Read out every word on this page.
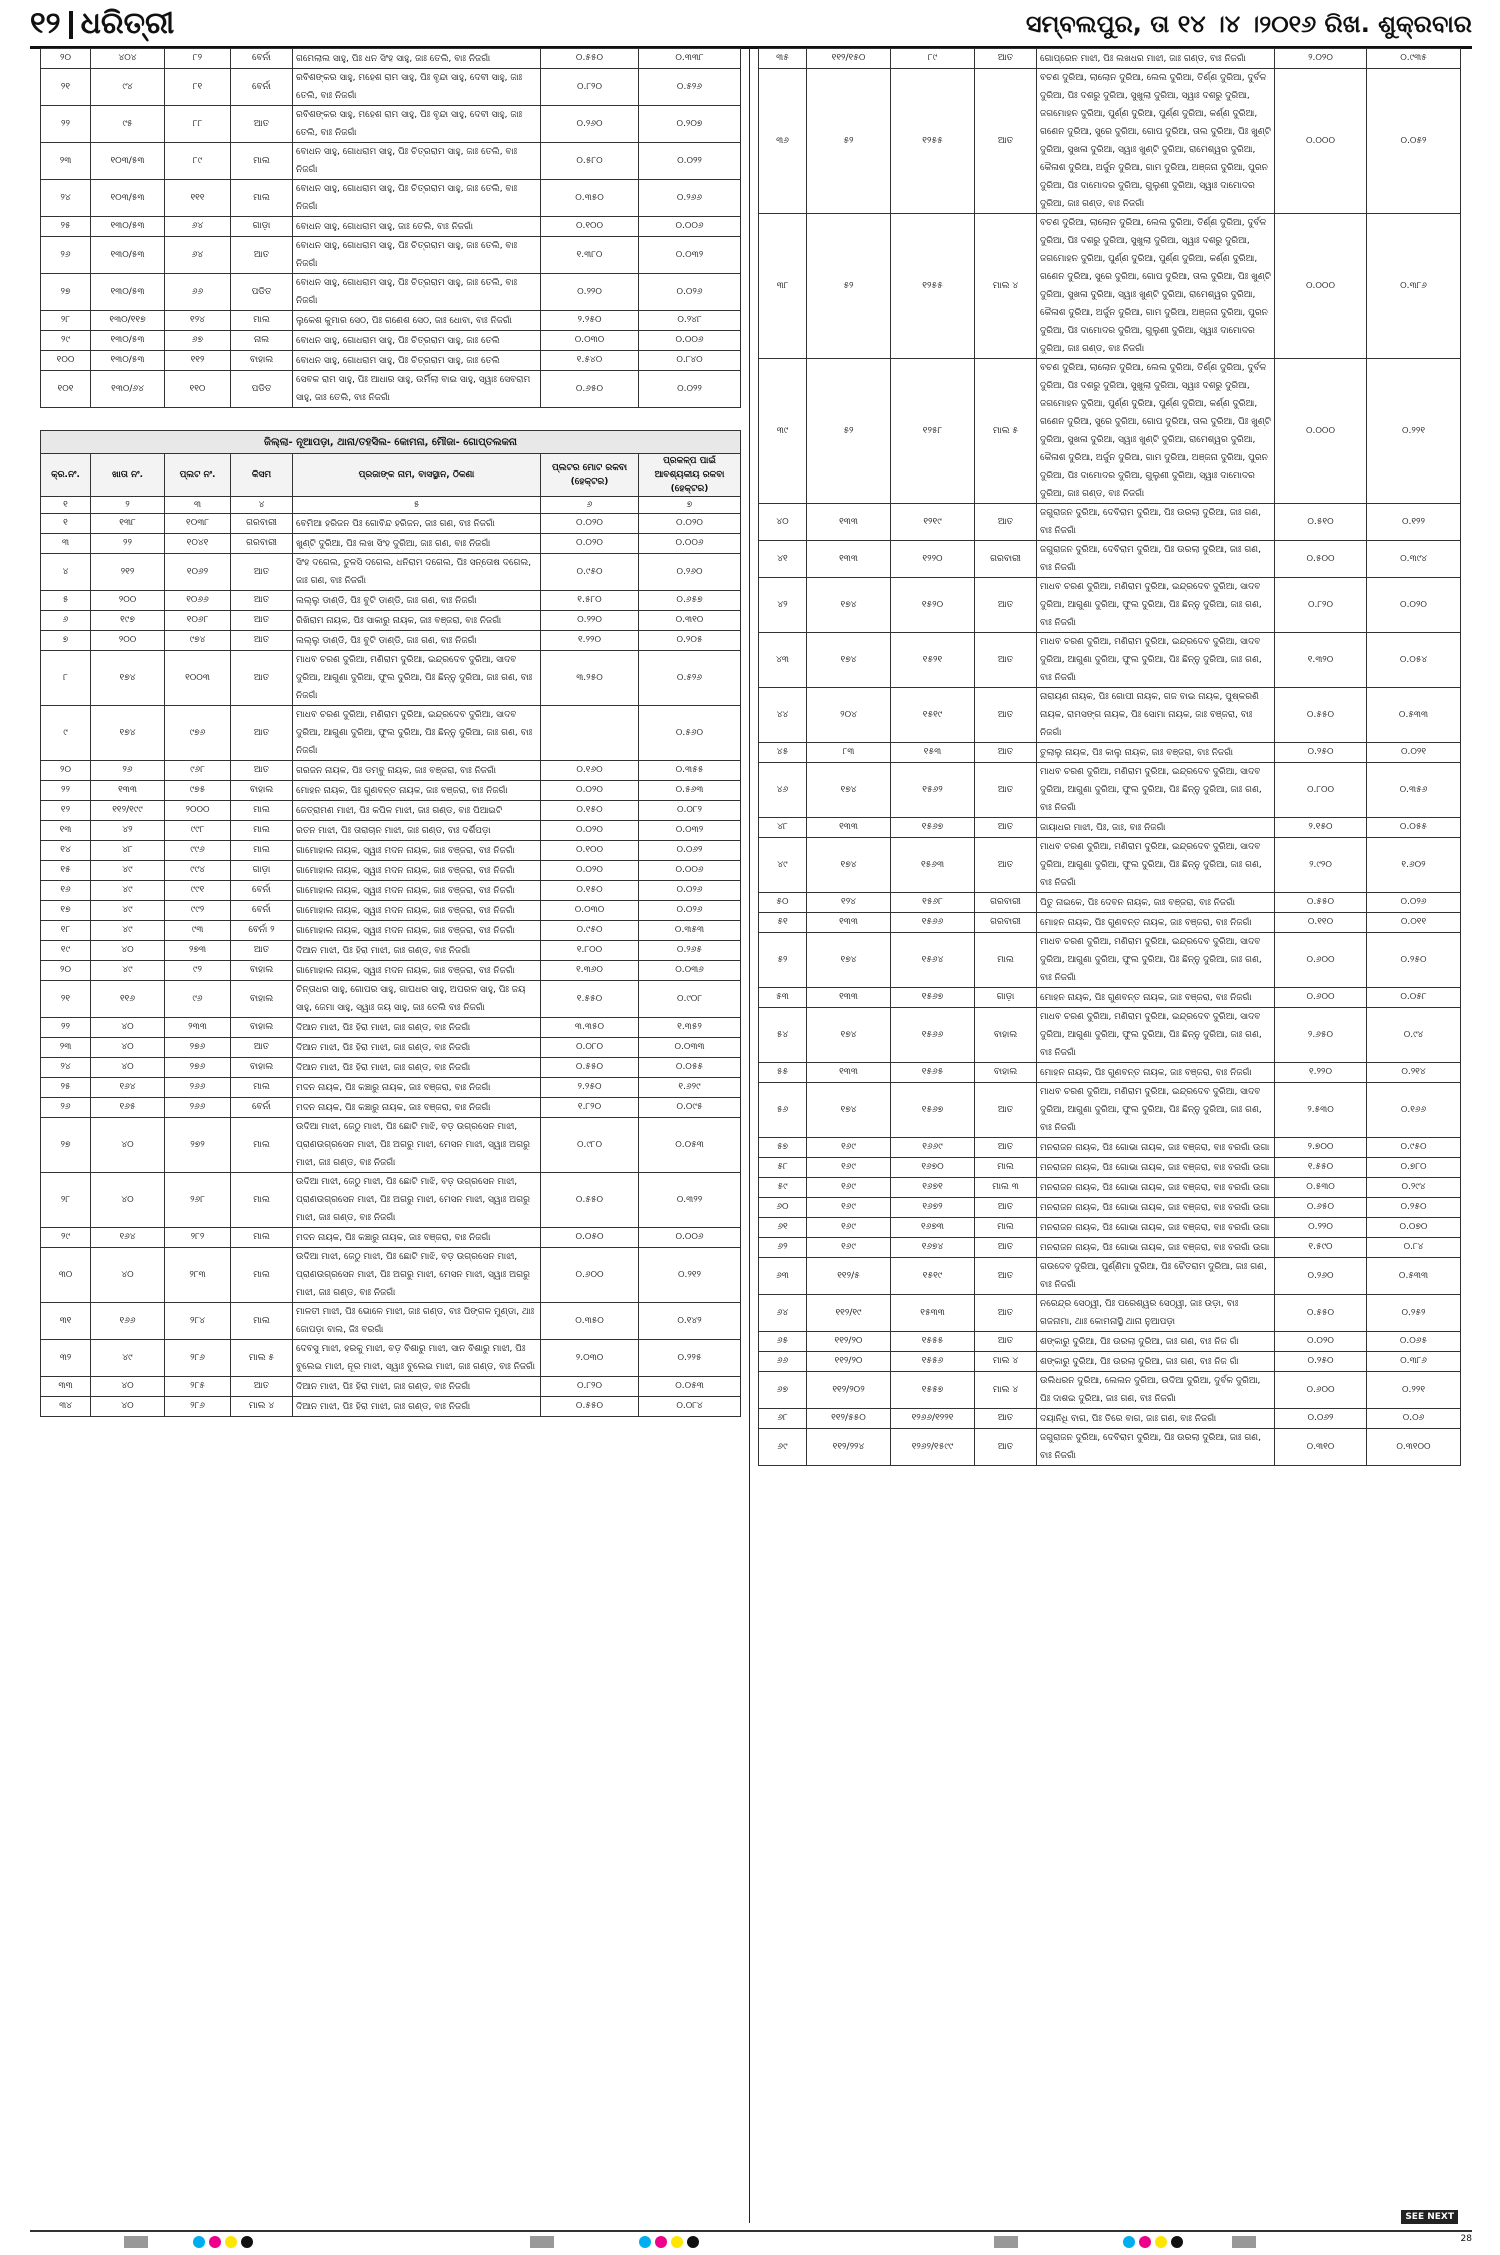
୧୨ ଧରିତ୍ରୀ	ସମ୍ବଲପୁର, ତା ୧୪ ।୪ ।୨୦୧୬ ରିଖ. ଶୁକ୍ରବାର
୨୦	୪୦୪	୮୨	ବେର୍ନା	ଗମେଲାଲ ସାହୁ, ପିଃ ଧନ ସିଂହ ସାହୁ, ଜାଃ ତେଲି, ବାଃ ନିଜଗାଁ	୦.୫୫୦	୦.୩୩୮
୨୧	୯୪	୮୧	ବେର୍ନା	ରବିଶଙ୍କର ସାହୁ, ମହେଶ ରାମ ସାହୁ, ପିଃ ବୃନ୍ଦା ସାହୁ, ଦେବୀ ସାହୁ, ଜାଃ ତେଲି, ବାଃ ନିଜଗାଁ	୦.୮୨୦	୦.୫୨୬
୨୨	୯୫	୮୮	ଆତ	ରବିଶଙ୍କର ସାହୁ, ମହେଶ ରାମ ସାହୁ, ପିଃ ବୃନ୍ଦା ସାହୁ, ଦେବୀ ସାହୁ, ଜାଃ ତେଲି, ବାଃ ନିଜଗାଁ	୦.୨୬୦	୦.୨୦୭
୨୩	୧୦୩/୫୩	୮୯	ମାଲ	ବୋଧନ ସାହୁ, ଗୋଧରାମ ସାହୁ, ପିଃ ଚିତ୍ରରାମ ସାହୁ, ଜାଃ ତେଲି, ବାଃ ନିଜଗାଁ	୦.୫୮୦	୦.୦୨୨
୨୪	୧୦୩/୫୩	୧୧୧	ମାଲ	ବୋଧନ ସାହୁ, ଗୋଧରାମ ସାହୁ, ପିଃ ଚିତ୍ରରାମ ସାହୁ, ଜାଃ ତେଲି, ବାଃ ନିଜଗାଁ	୦.୩୫୦	୦.୨୬୬
୨୫	୧୩୦/୫୩	୬୪	ଗାଡ଼ା	ବୋଧନ ସାହୁ, ଗୋଧରାମ ସାହୁ, ଜାଃ ତେଲି, ବାଃ ନିଜଗାଁ	୦.୧୦୦	୦.୦୦୬
୨୬	୧୩୦/୫୩	୬୪	ଆତ	ବୋଧନ ସାହୁ, ଗୋଧରାମ ସାହୁ, ପିଃ ଚିତ୍ରରାମ ସାହୁ, ଜାଃ ତେଲି, ବାଃ ନିଜଗାଁ	୧.୩୮୦	୦.୦୩୨
୨୭	୧୩୦/୫୩	୬୬	ପଡିତ	ବୋଧନ ସାହୁ, ଗୋଧରାମ ସାହୁ, ପିଃ ଚିତ୍ରରାମ ସାହୁ, ଜାଃ ତେଲି, ବାଃ ନିଜଗାଁ	୦.୨୨୦	୦.୦୨୬
୨୮	୧୩୦/୧୧୭	୧୨୪	ମାଲ	ଲୁକେଶ କୁମାର ସେଠ, ପିଃ ଗଣେଶ ସେଠ, ଜାଃ ଧୋବା, ବାଃ ନିଜଗାଁ	୨.୨୫୦	୦.୨୪୮
୨୯	୧୩୦/୫୩	୬୭	ନାଲ	ବୋଧନ ସାହୁ, ଗୋଧରାମ ସାହୁ, ପିଃ ଚିତ୍ରରାମ ସାହୁ, ଜାଃ ତେଲି	୦.୦୩୦	୦.୦୦୬
୧୦୦	୧୩୦/୫୩	୧୧୨	ବାହାଲ	ବୋଧନ ସାହୁ, ଗୋଧରାମ ସାହୁ, ପିଃ ଚିତ୍ରରାମ ସାହୁ, ଜାଃ ତେଲି	୧.୫୪୦	୦.୮୪୦
୧୦୧	୧୩୦/୬୪	୧୧୦	ପଡିତ	ସେବକ ରାମ ସାହୁ, ପିଃ ଆଧାର ସାହୁ, ଉର୍ମିଲା ବାଇ ସାହୁ, ସ୍ୱାଃ ସେବରାମ ସାହୁ, ଜାଃ ତେଲି, ବାଃ ନିଜଗାଁ	୦.୬୫୦	୦.୦୨୨

ଜିଲ୍ଲା- ନୂଆପଡ଼ା, ଥାନା/ତହସିଲ- କୋମନା, ମୌଜା- ଗୋପ୍ତଲକନା						
କ୍ର.ନଂ.	ଖାତା ନଂ.	ପ୍ଲଟ ନଂ.	କିସମ	ପ୍ରଜାଙ୍କ ନାମ, ବାସସ୍ଥାନ, ଠିକଣା	ପ୍ଲଟର ମୋଟ ରକବା (ହେକ୍ଟର)	ପ୍ରକଳ୍ପ ପାଇଁ ଆବଶ୍ୟକୀୟ ରକବା (ହେକ୍ଟର)
୧	୨	୩	୪	୫	୬	୭
୧	୧୩୮	୧୦୩୮	ଗରବାରୀ	ବେମିଆ ହରିଜନ ପିଃ ଗୋବିନ୍ଦ ହରିଜନ, ଜାଃ ଗଣ, ବାଃ ନିଜଗାଁ	୦.୦୨୦	୦.୦୨୦
୩	୨୨	୧୦୪୧	ଗରବାରୀ	ଖୁଣ୍ଟି ଦୁରିଆ, ପିଃ ଲଖ ସିଂହ ଦୁରିଆ, ଜାଃ ଗଣ, ବାଃ ନିଜଗାଁ	୦.୦୨୦	୦.୦୦୬
୪	୨୧୨	୧୦୬୨	ଆତ	ସିଂହ ଦଗେଲ, ତୁଳସି ଦଗେଲ, ଧନିରାମ ଦଗେଲ, ପିଃ ସନ୍ତୋଷ ଦଗେଲ, ଜାଃ ଗଣ, ବାଃ ନିଜଗାଁ	୦.୯୫୦	୦.୨୬୦
୫	୨୦୦	୧୦୬୬	ଆତ	ଲଲ୍ଲୁ ଡାଣ୍ଡି, ପିଃ ବୁଟି ଡାଣ୍ଡି, ଜାଃ ଗଣ, ବାଃ ନିଜଗାଁ	୧.୫୮୦	୦.୬୫୭
୬	୧୯୭	୧୦୬୮	ଆତ	ରିଖିରାମ ନାୟକ, ପିଃ ସାକାରୁ ନାୟକ, ଜାଃ ବଞ୍ଜରା, ବାଃ ନିଜଗାଁ	୦.୨୨୦	୦.୩୧୦
୭	୨୦୦	୯୭୪	ଆତ	ଲଲ୍ଲୁ ଡାଣ୍ଡି, ପିଃ ବୁଟି ଡାଣ୍ଡି, ଜାଃ ଗଣ, ବାଃ ନିଜଗାଁ	୧.୨୨୦	୦.୨୦୫
୮	୧୭୪	୧୦୦୩	ଆତ	ମାଧବ ଚରଣ ଦୁରିଆ, ମଣିରାମ ଦୁରିଆ, ଇନ୍ଦ୍ରଦେବ ଦୁରିଆ, ସାଦବ ଦୁରିଆ, ଆଗୁଣା ଦୁରିଆ, ଫୁଲ ଦୁରିଆ, ପିଃ ଛିନ୍ନୁ ଦୁରିଆ, ଜାଃ ଗଣ, ବାଃ ନିଜଗାଁ	୩.୨୫୦	୦.୫୨୬
୯	୧୭୪	୯୭୬	ଆତ	ମାଧବ ଚରଣ ଦୁରିଆ, ମଣିରାମ ଦୁରିଆ, ଇନ୍ଦ୍ରଦେବ ଦୁରିଆ, ସାଦବ ଦୁରିଆ, ଆଗୁଣା ଦୁରିଆ, ଫୁଲ ଦୁରିଆ, ପିଃ ଛିନ୍ନୁ ଦୁରିଆ, ଜାଃ ଗଣ, ବାଃ ନିଜଗାଁ		୦.୫୬୦
୨୦	୨୬	୯୬୮	ଆତ	ଗରଜନ ନାୟକ, ପିଃ ଡମ୍ବୁ ନାୟକ, ଜାଃ ବଞ୍ଜରା, ବାଃ ନିଜଗାଁ	୦.୧୬୦	୦.୩୫୫
୨୨	୧୩୩	୯୭୫	ବାହାଲ	ମୋହନ ନାୟକ, ପିଃ ଗୁଣବନ୍ତ ନାୟକ, ଜାଃ ବଞ୍ଜରା, ବାଃ ନିଜଗାଁ	୦.୦୨୦	୦.୫୬୩
୧୨	୧୧୨/୧୯୯	୨୦୦୦	ମାଲ	ଜେତ୍ରାମଣ ମାଝୀ, ପିଃ କପିଳ ମାଝୀ, ଜାଃ ଗଣ୍ଡ, ବାଃ ପିଆଇଟି	୦.୧୫୦	୦.୦୮୨
୧୩	୪୨	୯୯୮	ମାଲ	ରତନ ମାଝୀ, ପିଃ ତାରାଚାନ ମାଝୀ, ଜାଃ ଗଣ୍ଡ, ବାଃ ଦର୍ଶିପଡ଼ା	୦.୦୨୦	୦.୦୩୨
୧୪	୪୮	୯୯୬	ମାଲ	ଗାମୋହାଲ ନାୟକ, ସ୍ୱାଃ ମଦନ ନାୟକ, ଜାଃ ବଞ୍ଜରା, ବାଃ ନିଜଗାଁ	୦.୧୦୦	୦.୦୬୨
୧୫	୪୯	୯୯୪	ଗାଡ଼ା	ଗାମୋହାଲ ନାୟକ, ସ୍ୱାଃ ମଦନ ନାୟକ, ଜାଃ ବଞ୍ଜରା, ବାଃ ନିଜଗାଁ	୦.୦୨୦	୦.୦୦୬
୧୬	୪୯	୯୯୧	ବେର୍ନା	ଗାମୋହାଲ ନାୟକ, ସ୍ୱାଃ ମଦନ ନାୟକ, ଜାଃ ବଞ୍ଜରା, ବାଃ ନିଜଗାଁ	୦.୧୫୦	୦.୦୨୬
୧୭	୪୯	୯୯୨	ବେର୍ନା	ଗାମୋହାଲ ନାୟକ, ସ୍ୱାଃ ମଦନ ନାୟକ, ଜାଃ ବଞ୍ଜରା, ବାଃ ନିଜଗାଁ	୦.୦୩୦	୦.୦୨୬
୧୮	୪୯	୯୩	ବେର୍ନା ୨	ଗାମୋହାଲ ନାୟକ, ସ୍ୱାଃ ମଦନ ନାୟକ, ଜାଃ ବଞ୍ଜରା, ବାଃ ନିଜଗାଁ	୦.୯୫୦	୦.୩୫୩
୧୯	୪୦	୨୭୩	ଆତ	ଦିଆନ ମାଝୀ, ପିଃ ହିରା ମାଝୀ, ଜାଃ ଗଣ୍ଡ, ବାଃ ନିଜଗାଁ	୧.୮୦୦	୦.୨୬୫
୨୦	୪୯	୯୨	ବାହାଲ	ଗାମୋହାଲ ନାୟକ, ସ୍ୱାଃ ମଦନ ନାୟକ, ଜାଃ ବଞ୍ଜରା, ବାଃ ନିଜଗାଁ	୧.୩୬୦	୦.୦୩୬
୨୧	୧୧୬	୯୬	ବାହାଲ	ଚିନ୍ତାଧର ସାହୁ, ଗୋପର ସାହୁ, ଗାଘଧର ସାହୁ, ଅପରଳ ସାହୁ, ପିଃ ଜୟ ସାହୁ, ଜେମା ସାହୁ, ସ୍ୱାଃ ଜୟ ସାହୁ, ଜାଃ ତେଲି ବାଃ ନିଜଗାଁ	୧.୫୫୦	୦.୯୦୮
୨୨	୪୦	୨୩୩	ବାହାଲ	ଦିଆନ ମାଝୀ, ପିଃ ହିରା ମାଝୀ, ଜାଃ ଗଣ୍ଡ, ବାଃ ନିଜଗାଁ	୩.୩୫୦	୧.୩୫୨
୨୩	୪୦	୨୭୬	ଆତ	ଦିଆନ ମାଝୀ, ପିଃ ହିରା ମାଝୀ, ଜାଃ ଗଣ୍ଡ, ବାଃ ନିଜଗାଁ	୦.୦୮୦	୦.୦୩୩
୨୪	୪୦	୨୭୬	ବାହାଲ	ଦିଆନ ମାଝୀ, ପିଃ ହିରା ମାଝୀ, ଜାଃ ଗଣ୍ଡ, ବାଃ ନିଜଗାଁ	୦.୫୫୦	୦.୦୫୫
୨୫	୧୬୪	୨୬୬	ମାଲ	ମଦନ ନାୟକ, ପିଃ କଞ୍ଚାରୁ ନାୟକ, ଜାଃ ବଞ୍ଜରା, ବାଃ ନିଜଗାଁ	୨.୨୫୦	୧.୬୨୯
୨୬	୧୬୫	୨୬୬	ବେର୍ନା	ମଦନ ନାୟକ, ପିଃ କଞ୍ଚାରୁ ନାୟକ, ଜାଃ ବଞ୍ଜରା, ବାଃ ନିଜଗାଁ	୧.୮୨୦	୦.୦୯୫
୨୭	୪୦	୨୭୨	ମାଲ	ଉଦିଆ ମାଝୀ, ଜେଠୁ ମାଝୀ, ପିଃ ଛୋଟି ମାଝି, ବଡ଼ ଉଗ୍ରସେନ ମାଝୀ, ପ୍ରାଣଉଗ୍ରସେନ ମାଝୀ, ପିଃ ଅଗରୁ ମାଝୀ, ମେସନ ମାଝୀ, ସ୍ୱାଃ ଅଗରୁ ମାଝୀ, ଜାଃ ଗଣ୍ଡ, ବାଃ ନିଜଗାଁ	୦.୯୮୦	୦.୦୫୩
୨୮	୪୦	୨୬୮	ମାଲ	ଉଦିଆ ମାଝୀ, ଜେଠୁ ମାଝୀ, ପିଃ ଛୋଟି ମାଝି, ବଡ଼ ଉଗ୍ରସେନ ମାଝୀ, ପ୍ରାଣଉଗ୍ରସେନ ମାଝୀ, ପିଃ ଅଗରୁ ମାଝୀ, ମେସନ ମାଝୀ, ସ୍ୱାଃ ଅଗରୁ ମାଝୀ, ଜାଃ ଗଣ୍ଡ, ବାଃ ନିଜଗାଁ	୦.୫୫୦	୦.୩୨୨
୨୯	୧୬୪	୨୮୨	ମାଲ	ମଦନ ନାୟକ, ପିଃ କଞ୍ଚାରୁ ନାୟକ, ଜାଃ ବଞ୍ଜରା, ବାଃ ନିଜଗାଁ	୦.୦୫୦	୦.୦୦୬
୩୦	୪୦	୨୮୩	ମାଲ	ଉଦିଆ ମାଝୀ, ଜେଠୁ ମାଝୀ, ପିଃ ଛୋଟି ମାଝି, ବଡ଼ ଉଗ୍ରସେନ ମାଝୀ, ପ୍ରାଣଉଗ୍ରସେନ ମାଝୀ, ପିଃ ଅଗରୁ ମାଝୀ, ମେସନ ମାଝୀ, ସ୍ୱାଃ ଅଗରୁ ମାଝୀ, ଜାଃ ଗଣ୍ଡ, ବାଃ ନିଜଗାଁ	୦.୬୦୦	୦.୨୧୨
୩୧	୧୬୬	୨୮୪	ମାଲ	ମାଳତୀ ମାଝୀ, ପିଃ ଭୋଳେ ମାଝୀ, ଜାଃ ଗଣ୍ଡ, ବାଃ ପିଙ୍ଗଳ ମୁଣ୍ଡା, ଥାଃ ଜୋପଡ଼ା ବାଲ, ଜିଃ ବରଗାଁ	୦.୩୫୦	୦.୧୪୨
୩୨	୪୯	୨୮୬	ମାଲ ୫	ଦେବସୁ ମାଝୀ, ହରକୁ ମାଝୀ, ବଡ଼ ବିଶାରୁ ମାଝୀ, ସାନ ବିଶାରୁ ମାଝୀ, ପିଃ ବୁଲେଇ ମାଝୀ, ନୂର ମାଝୀ, ସ୍ୱାଃ ବୁଲେଇ ମାଝୀ, ଜାଃ ଗଣ୍ଡ, ବାଃ ନିଜଗାଁ	୨.୦୩୦	୦.୨୨୫
୩୩	୪୦	୨୮୫	ଆତ	ଦିଆନ ମାଝୀ, ପିଃ ହିରା ମାଝୀ, ଜାଃ ଗଣ୍ଡ, ବାଃ ନିଜଗାଁ	୦.୮୨୦	୦.୦୫୩
୩୪	୪୦	୨୮୬	ମାଲ ୪	ଦିଆନ ମାଝୀ, ପିଃ ହିରା ମାଝୀ, ଜାଃ ଗଣ୍ଡ, ବାଃ ନିଜଗାଁ	୦.୫୫୦	୦.୦୮୪
୩୫	୧୧୨/୧୫୦	୮୯	ଆତ	ଗୋପ୍ରେନ ମାଝୀ, ପିଃ ଲଖଧର ମାଝୀ, ଜାଃ ଗଣ୍ଡ, ବାଃ ନିଜଗାଁ	୨.୦୨୦	୦.୯୩୫
୩୬	୫୨	୧୨୫୫	ଆତ	ବଚଣ ଦୁରିଆ, ଲାଲୋନ ଦୁରିଆ, ଲେଲ ଦୁରିଆ, ତିର୍ଣ୍ଣ ଦୁରିଆ, ଦୁର୍ବଳ ଦୁରିଆ, ପିଃ ଦଶରୁ ଦୁରିଆ, ସୁଖୁଲା ଦୁରିଆ, ସ୍ୱାଃ ଦଶରୁ ଦୁରିଆ, ଜଗମୋହନ ଦୁରିଆ, ପୁର୍ଣ୍ଣ ଦୁରିଆ, ପୁର୍ଣ୍ଣ ଦୁରିଆ, କର୍ଣ୍ଣ ଦୁରିଆ, ଗଣେନ ଦୁରିଆ, ସୁରେ ଦୁରିଆ, ଗୋପ ଦୁରିଆ, ତାଲ ଦୁରିଆ, ପିଃ ଖୁଣ୍ଟି ଦୁରିଆ, ସୁଖଳା ଦୁରିଆ, ସ୍ୱାଃ ଖୁଣ୍ଟି ଦୁରିଆ, ରାମେଶ୍ୱର ଦୁରିଆ, କୈଳାଶ ଦୁରିଆ, ଅର୍ଜୁନ ଦୁରିଆ, ଗାମ ଦୁରିଆ, ଅଞ୍ଜନା ଦୁରିଆ, ପୁରନ ଦୁରିଆ, ପିଃ ଦାମୋଦର ଦୁରିଆ, ଗୁଲୁଣୀ ଦୁରିଆ, ସ୍ୱାଃ ଦାମୋଦର ଦୁରିଆ, ଜାଃ ଗଣ୍ଡ, ବାଃ ନିଜଗାଁ	୦.୦୦୦	୦.୦୫୨
୩୮	୫୨	୧୨୫୫	ମାଲ ୪	ବଚଣ ଦୁରିଆ, ଲାଲୋନ ଦୁରିଆ, ଲେଲ ଦୁରିଆ, ତିର୍ଣ୍ଣ ଦୁରିଆ, ଦୁର୍ବଳ ଦୁରିଆ, ପିଃ ଦଶରୁ ଦୁରିଆ, ସୁଖୁଲା ଦୁରିଆ, ସ୍ୱାଃ ଦଶରୁ ଦୁରିଆ, ଜଗମୋହନ ଦୁରିଆ, ପୁର୍ଣ୍ଣ ଦୁରିଆ, ପୁର୍ଣ୍ଣ ଦୁରିଆ, କର୍ଣ୍ଣ ଦୁରିଆ, ଗଣେନ ଦୁରିଆ, ସୁରେ ଦୁରିଆ, ଗୋପ ଦୁରିଆ, ତାଲ ଦୁରିଆ, ପିଃ ଖୁଣ୍ଟି ଦୁରିଆ, ସୁଖଳା ଦୁରିଆ, ସ୍ୱାଃ ଖୁଣ୍ଟି ଦୁରିଆ, ରାମେଶ୍ୱର ଦୁରିଆ, କୈଳାଶ ଦୁରିଆ, ଅର୍ଜୁନ ଦୁରିଆ, ଗାମ ଦୁରିଆ, ଅଞ୍ଜନା ଦୁରିଆ, ପୁରନ ଦୁରିଆ, ପିଃ ଦାମୋଦର ଦୁରିଆ, ଗୁଲୁଣୀ ଦୁରିଆ, ସ୍ୱାଃ ଦାମୋଦର ଦୁରିଆ, ଜାଃ ଗଣ୍ଡ, ବାଃ ନିଜଗାଁ	୦.୦୦୦	୦.୩୮୬
୩୯	୫୨	୧୨୫୮	ମାଲ ୫	ବଚଣ ଦୁରିଆ, ଲାଲୋନ ଦୁରିଆ, ଲେଲ ଦୁରିଆ, ତିର୍ଣ୍ଣ ଦୁରିଆ, ଦୁର୍ବଳ ଦୁରିଆ, ପିଃ ଦଶରୁ ଦୁରିଆ, ସୁଖୁଲା ଦୁରିଆ, ସ୍ୱାଃ ଦଶରୁ ଦୁରିଆ, ଜଗମୋହନ ଦୁରିଆ, ପୁର୍ଣ୍ଣ ଦୁରିଆ, ପୁର୍ଣ୍ଣ ଦୁରିଆ, କର୍ଣ୍ଣ ଦୁରିଆ, ଗଣେନ ଦୁରିଆ, ସୁରେ ଦୁରିଆ, ଗୋପ ଦୁରିଆ, ତାଲ ଦୁରିଆ, ପିଃ ଖୁଣ୍ଟି ଦୁରିଆ, ସୁଖଳା ଦୁରିଆ, ସ୍ୱାଃ ଖୁଣ୍ଟି ଦୁରିଆ, ରାମେଶ୍ୱର ଦୁରିଆ, କୈଳାଶ ଦୁରିଆ, ଅର୍ଜୁନ ଦୁରିଆ, ଗାମ ଦୁରିଆ, ଅଞ୍ଜନା ଦୁରିଆ, ପୁରନ ଦୁରିଆ, ପିଃ ଦାମୋଦର ଦୁରିଆ, ଗୁଲୁଣୀ ଦୁରିଆ, ସ୍ୱାଃ ଦାମୋଦର ଦୁରିଆ, ଜାଃ ଗଣ୍ଡ, ବାଃ ନିଜଗାଁ	୦.୦୦୦	୦.୨୨୧
୪୦	୧୩୩	୧୨୧୯	ଆତ	ଜଗୁରାଜନ ଦୁରିଆ, ଦେବିରାମ ଦୁରିଆ, ପିଃ ଉରଲା ଦୁରିଆ, ଜାଃ ଗଣ, ବାଃ ନିଜଗାଁ	୦.୫୧୦	୦.୧୨୨
୪୧	୧୩୩	୧୨୨୦	ଗରବାରୀ	ଜଗୁରାଜନ ଦୁରିଆ, ଦେବିରାମ ଦୁରିଆ, ପିଃ ଉରଲା ଦୁରିଆ, ଜାଃ ଗଣ, ବାଃ ନିଜଗାଁ	୦.୫୦୦	୦.୩୯୪
୪୨	୧୭୪	୧୫୨୦	ଆତ	ମାଧବ ଚରଣ ଦୁରିଆ, ମଣିରାମ ଦୁରିଆ, ଇନ୍ଦ୍ରଦେବ ଦୁରିଆ, ସାଦବ ଦୁରିଆ, ଆଗୁଣା ଦୁରିଆ, ଫୁଲ ଦୁରିଆ, ପିଃ ଛିନ୍ନୁ ଦୁରିଆ, ଜାଃ ଗଣ, ବାଃ ନିଜଗାଁ	୦.୮୨୦	୦.୦୨୦
୪୩	୧୭୪	୧୫୨୧	ଆତ	ମାଧବ ଚରଣ ଦୁରିଆ, ମଣିରାମ ଦୁରିଆ, ଇନ୍ଦ୍ରଦେବ ଦୁରିଆ, ସାଦବ ଦୁରିଆ, ଆଗୁଣା ଦୁରିଆ, ଫୁଲ ଦୁରିଆ, ପିଃ ଛିନ୍ନୁ ଦୁରିଆ, ଜାଃ ଗଣ, ବାଃ ନିଜଗାଁ	୧.୩୨୦	୦.୦୫୪
୪୪	୨୦୪	୧୫୧୯	ଆତ	ନାରାୟଣ ନାୟକ, ପିଃ ଗୋପୀ ନାୟକ, ଗଜ ବାଇ ନାୟକ, ପୁଷ୍କରଣି ନାୟକ, ରାମସଙ୍ଗ ନାୟକ, ପିଃ ସୋମା ନାୟକ, ଜାଃ ବଞ୍ଜରା, ବାଃ ନିଜଗାଁ	୦.୫୫୦	୦.୫୩୩
୪୫	୮୩	୧୫୩	ଆତ	ତୁଲାଲୁ ନାୟକ, ପିଃ କାଲୁ ନାୟକ, ଜାଃ ବଞ୍ଜରା, ବାଃ ନିଜଗାଁ	୦.୨୫୦	୦.୦୨୧
୪୬	୧୭୪	୧୫୬୨	ଆତ	ମାଧବ ଚରଣ ଦୁରିଆ, ମଣିରାମ ଦୁରିଆ, ଇନ୍ଦ୍ରଦେବ ଦୁରିଆ, ସାଦବ ଦୁରିଆ, ଆଗୁଣା ଦୁରିଆ, ଫୁଲ ଦୁରିଆ, ପିଃ ଛିନ୍ନୁ ଦୁରିଆ, ଜାଃ ଗଣ, ବାଃ ନିଜଗାଁ	୦.୮୦୦	୦.୩୫୬
୪୮	୧୩୩	୧୫୬୭	ଆତ	ଜାୟାଧର ମାଝୀ, ପିଃ, ଜାଃ, ବାଃ ନିଜଗାଁ	୨.୧୫୦	୦.୦୫୫
୪୯	୧୭୪	୧୫୬୩	ଆତ	ମାଧବ ଚରଣ ଦୁରିଆ, ମଣିରାମ ଦୁରିଆ, ଇନ୍ଦ୍ରଦେବ ଦୁରିଆ, ସାଦବ ଦୁରିଆ, ଆଗୁଣା ଦୁରିଆ, ଫୁଲ ଦୁରିଆ, ପିଃ ଛିନ୍ନୁ ଦୁରିଆ, ଜାଃ ଗଣ, ବାଃ ନିଜଗାଁ	୨.୯୨୦	୧.୬୦୨
୫୦	୧୨୪	୧୫୬୮	ଗରବାରୀ	ପିତୁ ନାଇକେ, ପିଃ ଦେବନ ନାୟକ, ଜାଃ ବଞ୍ଜରା, ବାଃ ନିଜଗାଁ	୦.୫୫୦	୦.୦୨୬
୫୧	୧୩୩	୧୫୬୬	ଗରବାରୀ	ମୋହନ ନାୟକ, ପିଃ ଗୁଣବନ୍ତ ନାୟକ, ଜାଃ ବଞ୍ଜରା, ବାଃ ନିଜଗାଁ	୦.୧୧୦	୦.୦୧୧
୫୨	୧୭୪	୧୫୬୪	ମାଲ	ମାଧବ ଚରଣ ଦୁରିଆ, ମଣିରାମ ଦୁରିଆ, ଇନ୍ଦ୍ରଦେବ ଦୁରିଆ, ସାଦବ ଦୁରିଆ, ଆଗୁଣା ଦୁରିଆ, ଫୁଲ ଦୁରିଆ, ପିଃ ଛିନ୍ନୁ ଦୁରିଆ, ଜାଃ ଗଣ, ବାଃ ନିଜଗାଁ	୦.୬୦୦	୦.୨୫୦
୫୩	୧୩୩	୧୫୬୭	ଗାଡ଼ା	ମୋହନ ନାୟକ, ପିଃ ଗୁଣବନ୍ତ ନାୟକ, ଜାଃ ବଞ୍ଜରା, ବାଃ ନିଜଗାଁ	୦.୬୦୦	୦.୦୫୮
୫୪	୧୭୪	୧୫୬୬	ବାହାଲ	ମାଧବ ଚରଣ ଦୁରିଆ, ମଣିରାମ ଦୁରିଆ, ଇନ୍ଦ୍ରଦେବ ଦୁରିଆ, ସାଦବ ଦୁରିଆ, ଆଗୁଣା ଦୁରିଆ, ଫୁଲ ଦୁରିଆ, ପିଃ ଛିନ୍ନୁ ଦୁରିଆ, ଜାଃ ଗଣ, ବାଃ ନିଜଗାଁ	୨.୬୫୦	୦.୯୪
୫୫	୧୩୩	୧୫୬୫	ବାହାଲ	ମୋହନ ନାୟକ, ପିଃ ଗୁଣବନ୍ତ ନାୟକ, ଜାଃ ବଞ୍ଜରା, ବାଃ ନିଜଗାଁ	୧.୨୨୦	୦.୨୧୪
୫୬	୧୭୪	୧୫୬୭	ଆତ	ମାଧବ ଚରଣ ଦୁରିଆ, ମଣିରାମ ଦୁରିଆ, ଇନ୍ଦ୍ରଦେବ ଦୁରିଆ, ସାଦବ ଦୁରିଆ, ଆଗୁଣା ଦୁରିଆ, ଫୁଲ ଦୁରିଆ, ପିଃ ଛିନ୍ନୁ ଦୁରିଆ, ଜାଃ ଗଣ, ବାଃ ନିଜଗାଁ	୨.୫୩୦	୦.୧୬୬
୫୭	୧୬୯	୧୬୬୯	ଆତ	ମନରାଜନ ନାୟକ, ପିଃ ଗୋଭା ନାୟକ, ଜାଃ ବଞ୍ଜରା, ବାଃ ବରଗାଁ ଉଗା	୨.୭୦୦	୦.୯୫୦
୫୮	୧୬୯	୧୬୭୦	ମାଲ	ମନରାଜନ ନାୟକ, ପିଃ ଗୋଭା ନାୟକ, ଜାଃ ବଞ୍ଜରା, ବାଃ ବରଗାଁ ଉଗା	୧.୫୫୦	୦.୭୮୦
୫୯	୧୬୯	୧୬୭୧	ମାଲ ୩	ମନରାଜନ ନାୟକ, ପିଃ ଗୋଭା ନାୟକ, ଜାଃ ବଞ୍ଜରା, ବାଃ ବରଗାଁ ଉଗା	୦.୫୩୦	୦.୨୯୪
୬୦	୧୬୯	୧୬୭୨	ଆତ	ମନରାଜନ ନାୟକ, ପିଃ ଗୋଭା ନାୟକ, ଜାଃ ବଞ୍ଜରା, ବାଃ ବରଗାଁ ଉଗା	୦.୬୫୦	୦.୨୫୦
୬୧	୧୬୯	୧୬୭୩	ମାଲ	ମନରାଜନ ନାୟକ, ପିଃ ଗୋଭା ନାୟକ, ଜାଃ ବଞ୍ଜରା, ବାଃ ବରଗାଁ ଉଗା	୦.୨୨୦	୦.୦୭୦
୬୨	୧୬୯	୧୬୭୪	ଆତ	ମନରାଜନ ନାୟକ, ପିଃ ଗୋଭା ନାୟକ, ଜାଃ ବଞ୍ଜରା, ବାଃ ବରଗାଁ ଉଗା	୧.୫୯୦	୦.୮୪
୬୩	୧୧୨/୫	୧୫୧୯	ଆତ	ଗଉଦେବ ଦୁରିଆ, ପୁର୍ଣ୍ଣିମା ଦୁରିଆ, ପିଃ ଚୈତରାମ ଦୁରିଆ, ଜାଃ ଗଣ, ବାଃ ନିଜଗାଁ	୦.୨୬୦	୦.୫୩୩
୬୪	୧୧୨/୧୯	୧୫୩୩	ଆତ	ନରେନ୍ଦ୍ର ସେଠ୍ୱୀ, ପିଃ ପରେଶ୍ୱର ସେଠ୍ୱୀ, ଜାଃ ଉଡ଼ା, ବାଃ ଗଜନାମା, ଥାଃ କୋମନାସ୍ଥି ଥାନା ନୁଆପଡ଼ା	୦.୫୫୦	୦.୨୫୨
୬୫	୧୧୨/୨୦	୧୫୫୫	ଆତ	ଶଙ୍କାରୁ ଦୁରିଆ, ପିଃ ଉରଲା ଦୁରିଆ, ଜାଃ ଗଣ, ବାଃ ନିଜ ଗାଁ	୦.୦୨୦	୦.୦୬୫
୬୬	୧୧୨/୨୦	୧୫୫୬	ମାଲ ୪	ଶଙ୍କାରୁ ଦୁରିଆ, ପିଃ ଉରଲା ଦୁରିଆ, ଜାଃ ଗଣ, ବାଃ ନିଜ ଗାଁ	୦.୨୫୦	୦.୩୮୬
୬୭	୧୧୨/୨୦୨	୧୫୫୭	ମାଲ ୪	ଉଲିଧରନ ଦୁରିଆ, ଲେଲନ ଦୁରିଆ, ଉଦିଆ ଦୁରିଆ, ଦୁର୍ବଳ ଦୁରିଆ, ପିଃ ଦାଶଇ ଦୁରିଆ, ଜାଃ ଗଣ, ବାଃ ନିଜଗାଁ	୦.୬୦୦	୦.୨୨୧
୬୮	୧୧୨/୫୫୦	୧୨୬୬/୧୨୨୧	ଆତ	ଦୟାନିଧି ବାଗ, ପିଃ ତିରେ ବାଗ, ଜାଃ ଗଣ, ବାଃ ନିଜଗାଁ	୦.୦୬୨	୦.୦୬
୬୯	୧୧୨/୨୨୪	୧୨୬୨/୧୫୯୯	ଆତ	ଜଗୁରାଜନ ଦୁରିଆ, ଦେବିରାମ ଦୁରିଆ, ପିଃ ଉରଲା ଦୁରିଆ, ଜାଃ ଗଣ, ବାଃ ନିଜଗାଁ	୦.୩୧୦	୦.୩୧୦୦
SEE NEXT

28
